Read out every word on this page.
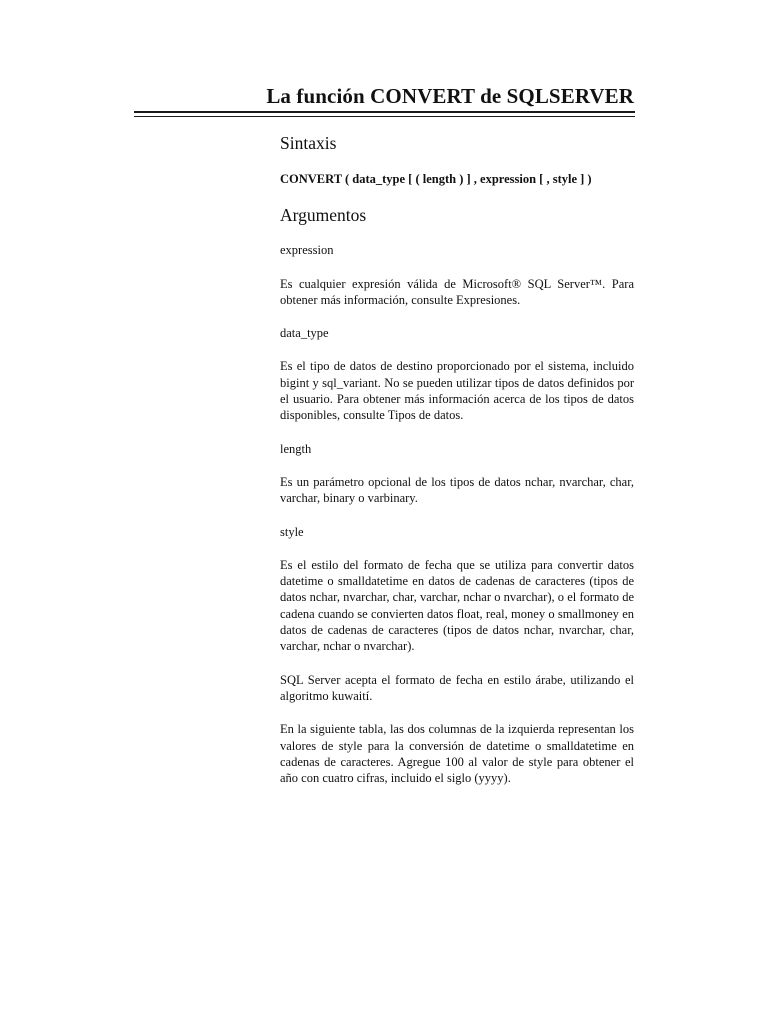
La función CONVERT de SQLSERVER

Sintaxis

CONVERT ( data_type [ ( length ) ] , expression [ , style ] )

Argumentos

expression

Es cualquier expresión válida de Microsoft® SQL Server™. Para obtener más información, consulte Expresiones.

data_type

Es el tipo de datos de destino proporcionado por el sistema, incluido bigint y sql_variant. No se pueden utilizar tipos de datos definidos por el usuario. Para obtener más información acerca de los tipos de datos disponibles, consulte Tipos de datos.

length

Es un parámetro opcional de los tipos de datos nchar, nvarchar, char, varchar, binary o varbinary.

style

Es el estilo del formato de fecha que se utiliza para convertir datos datetime o smalldatetime en datos de cadenas de caracteres (tipos de datos nchar, nvarchar, char, varchar, nchar o nvarchar), o el formato de cadena cuando se convierten datos float, real, money o smallmoney en datos de cadenas de caracteres (tipos de datos nchar, nvarchar, char, varchar, nchar o nvarchar).

SQL Server acepta el formato de fecha en estilo árabe, utilizando el algoritmo kuwaití.

En la siguiente tabla, las dos columnas de la izquierda representan los valores de style para la conversión de datetime o smalldatetime en cadenas de caracteres. Agregue 100 al valor de style para obtener el año con cuatro cifras, incluido el siglo (yyyy).
